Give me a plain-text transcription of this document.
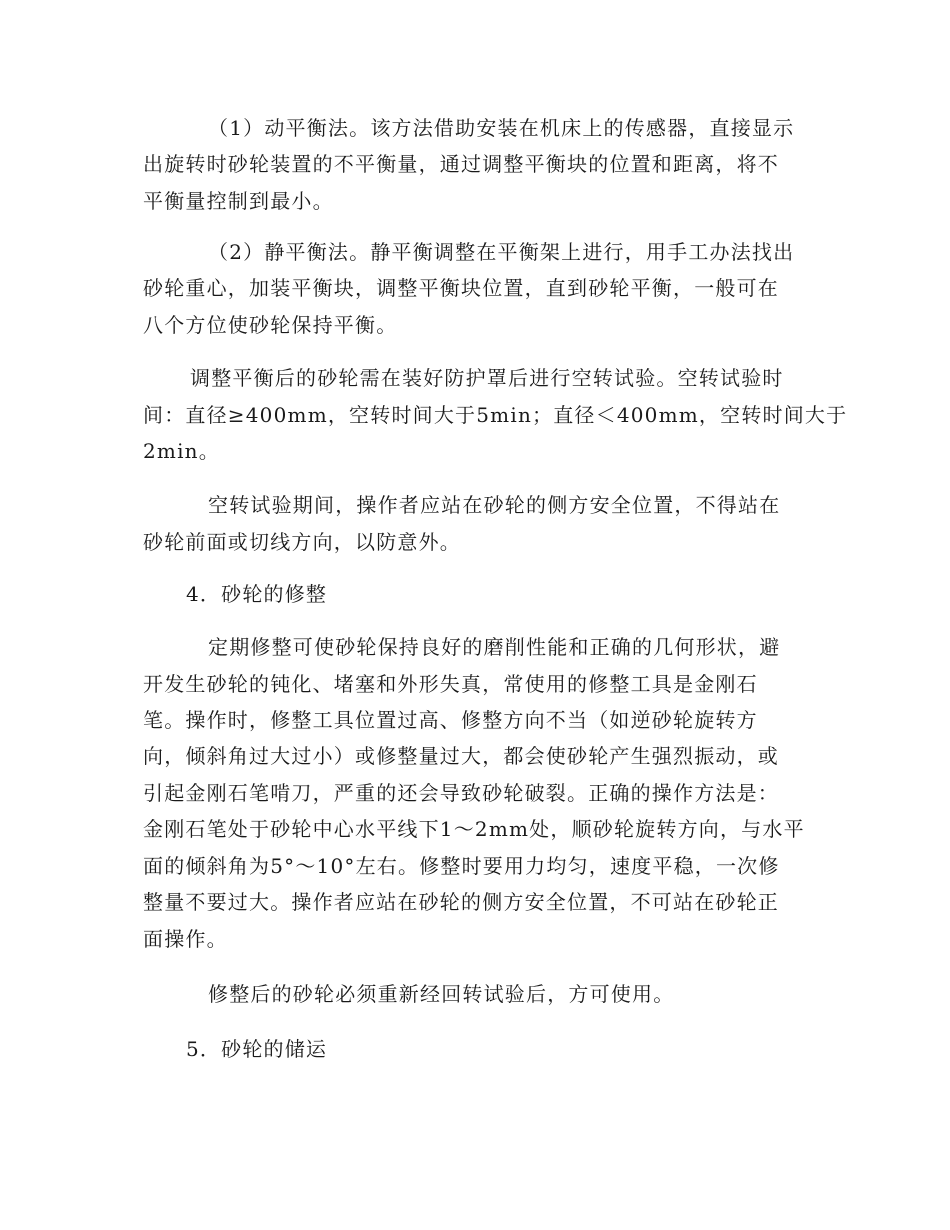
（1）动平衡法。该方法借助安装在机床上的传感器，直接显示
出旋转时砂轮装置的不平衡量，通过调整平衡块的位置和距离，将不
平衡量控制到最小。
（2）静平衡法。静平衡调整在平衡架上进行，用手工办法找出
砂轮重心，加装平衡块，调整平衡块位置，直到砂轮平衡，一般可在
八个方位使砂轮保持平衡。
调整平衡后的砂轮需在装好防护罩后进行空转试验。空转试验时
间：直径≥400mm，空转时间大于5min；直径＜400mm，空转时间大于
2min。
空转试验期间，操作者应站在砂轮的侧方安全位置，不得站在
砂轮前面或切线方向，以防意外。
4．砂轮的修整
定期修整可使砂轮保持良好的磨削性能和正确的几何形状，避
开发生砂轮的钝化、堵塞和外形失真，常使用的修整工具是金刚石
笔。操作时，修整工具位置过高、修整方向不当（如逆砂轮旋转方
向，倾斜角过大过小）或修整量过大，都会使砂轮产生强烈振动，或
引起金刚石笔啃刀，严重的还会导致砂轮破裂。正确的操作方法是：
金刚石笔处于砂轮中心水平线下1～2mm处，顺砂轮旋转方向，与水平
面的倾斜角为5°～10°左右。修整时要用力均匀，速度平稳，一次修
整量不要过大。操作者应站在砂轮的侧方安全位置，不可站在砂轮正
面操作。
修整后的砂轮必须重新经回转试验后，方可使用。
5．砂轮的储运
